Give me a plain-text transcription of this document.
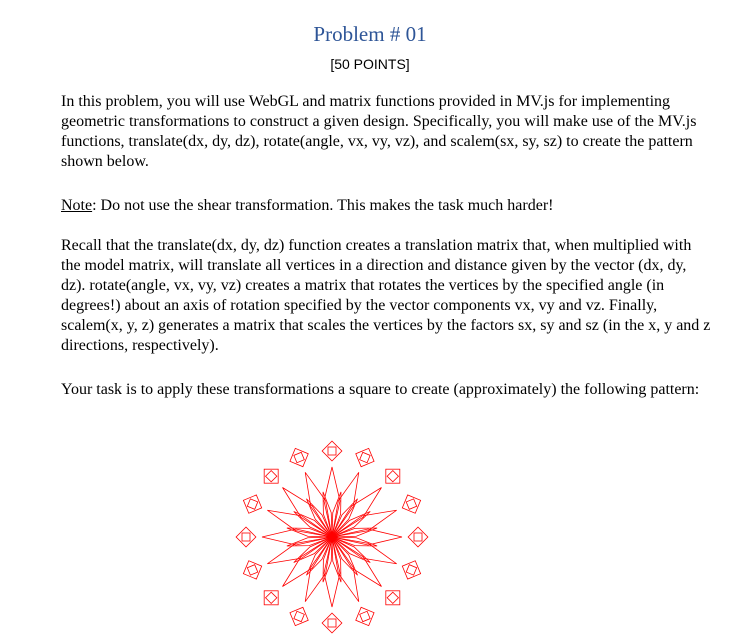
Problem # 01
[50 POINTS]

In this problem, you will use WebGL and matrix functions provided in MV.js for implementing geometric transformations to construct a given design. Specifically, you will make use of the MV.js functions, translate(dx, dy, dz), rotate(angle, vx, vy, vz), and scalem(sx, sy, sz) to create the pattern shown below.

Note: Do not use the shear transformation. This makes the task much harder!

Recall that the translate(dx, dy, dz) function creates a translation matrix that, when multiplied with the model matrix, will translate all vertices in a direction and distance given by the vector (dx, dy, dz). rotate(angle, vx, vy, vz) creates a matrix that rotates the vertices by the specified angle (in degrees!) about an axis of rotation specified by the vector components vx, vy and vz. Finally, scalem(x, y, z) generates a matrix that scales the vertices by the factors sx, sy and sz (in the x, y and z directions, respectively).

Your task is to apply these transformations a square to create (approximately) the following pattern:
